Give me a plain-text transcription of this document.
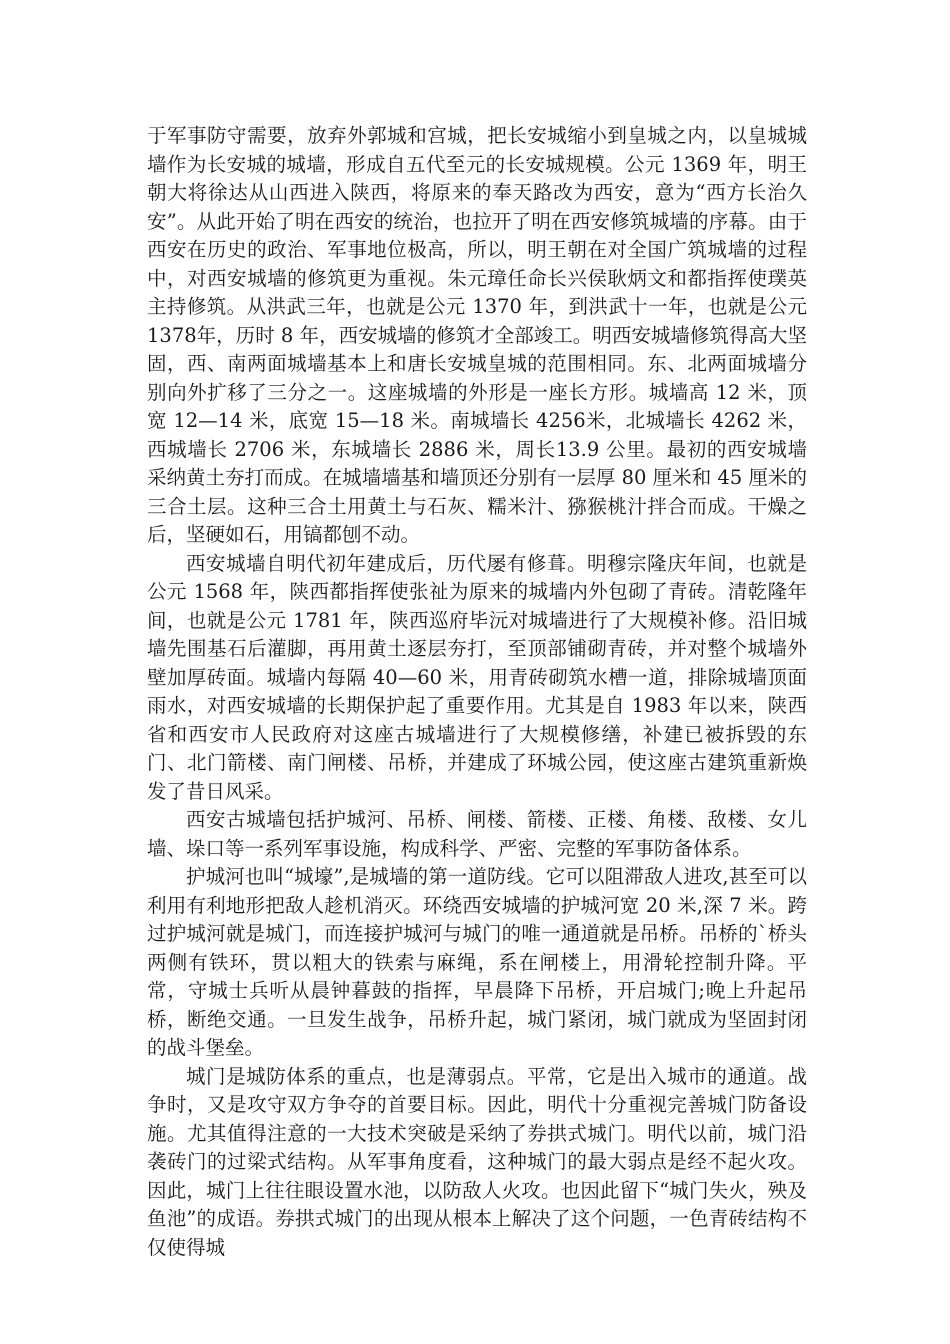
于军事防守需要，放弃外郭城和宫城，把长安城缩小到皇城之内，以皇城城墙作为长安城的城墙，形成自五代至元的长安城规模。公元 1369 年，明王朝大将徐达从山西进入陕西，将原来的奉天路改为西安，意为“西方长治久安”。从此开始了明在西安的统治，也拉开了明在西安修筑城墙的序幕。由于西安在历史的政治、军事地位极高，所以，明王朝在对全国广筑城墙的过程中，对西安城墙的修筑更为重视。朱元璋任命长兴侯耿炳文和都指挥使璞英主持修筑。从洪武三年，也就是公元 1370 年，到洪武十一年，也就是公元 1378年，历时 8 年，西安城墙的修筑才全部竣工。明西安城墙修筑得高大坚固，西、南两面城墙基本上和唐长安城皇城的范围相同。东、北两面城墙分别向外扩移了三分之一。这座城墙的外形是一座长方形。城墙高 12 米，顶宽 12—14 米，底宽 15—18 米。南城墙长 4256米，北城墙长 4262 米，西城墙长 2706 米，东城墙长 2886 米，周长13.9 公里。最初的西安城墙采纳黄土夯打而成。在城墙墙基和墙顶还分别有一层厚 80 厘米和 45 厘米的三合土层。这种三合土用黄土与石灰、糯米汁、猕猴桃汁拌合而成。干燥之后，坚硬如石，用镐都刨不动。

西安城墙自明代初年建成后，历代屡有修葺。明穆宗隆庆年间，也就是公元 1568 年，陕西都指挥使张祉为原来的城墙内外包砌了青砖。清乾隆年间，也就是公元 1781 年，陕西巡府毕沅对城墙进行了大规模补修。沿旧城墙先围基石后灌脚，再用黄土逐层夯打，至顶部铺砌青砖，并对整个城墙外壁加厚砖面。城墙内每隔 40—60 米，用青砖砌筑水槽一道，排除城墙顶面雨水，对西安城墙的长期保护起了重要作用。尤其是自 1983 年以来，陕西省和西安市人民政府对这座古城墙进行了大规模修缮，补建已被拆毁的东门、北门箭楼、南门闸楼、吊桥，并建成了环城公园，使这座古建筑重新焕发了昔日风采。

西安古城墙包括护城河、吊桥、闸楼、箭楼、正楼、角楼、敌楼、女儿墙、垛口等一系列军事设施，构成科学、严密、完整的军事防备体系。

护城河也叫“城壕”,是城墙的第一道防线。它可以阻滞敌人进攻,甚至可以利用有利地形把敌人趁机消灭。环绕西安城墙的护城河宽 20 米,深 7 米。跨过护城河就是城门，而连接护城河与城门的唯一通道就是吊桥。吊桥的`桥头两侧有铁环，贯以粗大的铁索与麻绳，系在闸楼上，用滑轮控制升降。平常，守城士兵听从晨钟暮鼓的指挥，早晨降下吊桥，开启城门;晚上升起吊桥，断绝交通。一旦发生战争，吊桥升起，城门紧闭，城门就成为坚固封闭的战斗堡垒。

城门是城防体系的重点，也是薄弱点。平常，它是出入城市的通道。战争时，又是攻守双方争夺的首要目标。因此，明代十分重视完善城门防备设施。尤其值得注意的一大技术突破是采纳了券拱式城门。明代以前，城门沿袭砖门的过梁式结构。从军事角度看，这种城门的最大弱点是经不起火攻。因此，城门上往往眼设置水池，以防敌人火攻。也因此留下“城门失火，殃及鱼池”的成语。券拱式城门的出现从根本上解决了这个问题，一色青砖结构不仅使得城
